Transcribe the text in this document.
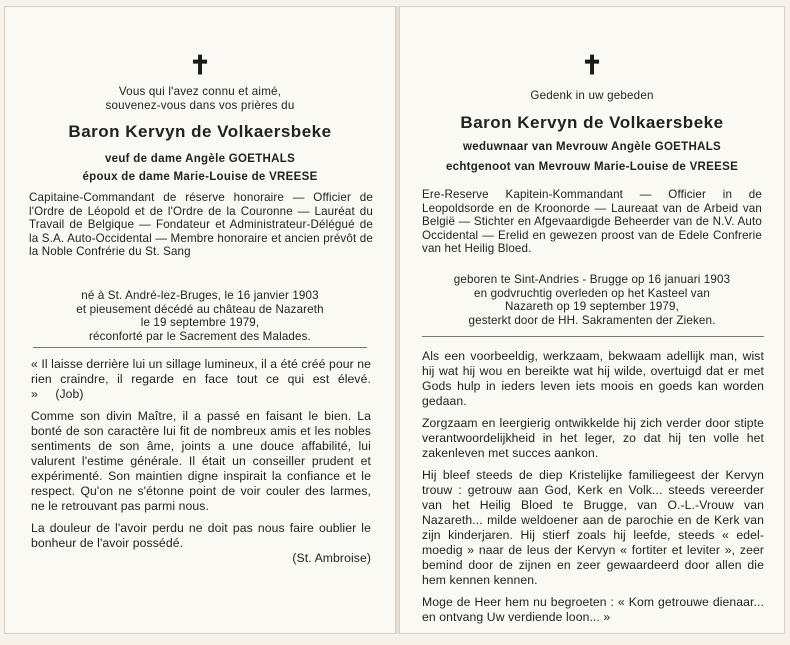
✝
Vous qui l'avez connu et aimé,
souvenez-vous dans vos prières du
Baron Kervyn de Volkaersbeke
veuf de dame Angèle GOETHALS
époux de dame Marie-Louise de VREESE
Capitaine-Commandant de réserve honoraire — Officier de l'Ordre de Léopold et de l'Ordre de la Couronne — Lauréat du Travail de Belgique — Fondateur et Administrateur-Délégué de la S.A. Auto-Occidental — Membre honoraire et ancien prévôt de la Noble Confrérie du St. Sang
né à St. André-lez-Bruges, le 16 janvier 1903
et pieusement décédé au château de Nazareth
le 19 septembre 1979,
réconforté par le Sacrement des Malades.

« Il laisse derrière lui un sillage lumineux, il a été créé pour ne rien craindre, il regarde en face tout ce qui est élevé. » (Job)

Comme son divin Maître, il a passé en faisant le bien. La bonté de son caractère lui fit de nombreux amis et les nobles sentiments de son âme, joints a une douce affabilité, lui valurent l'estime générale. Il était un conseiller prudent et expérimenté. Son maintien digne inspirait la confiance et le respect. Qu'on ne s'étonne point de voir couler des larmes, ne le retrouvant pas parmi nous.

La douleur de l'avoir perdu ne doit pas nous faire oublier le bonheur de l'avoir possédé.

(St. Ambroise)

✝
Gedenk in uw gebeden
Baron Kervyn de Volkaersbeke
weduwnaar van Mevrouw Angèle GOETHALS
echtgenoot van Mevrouw Marie-Louise de VREESE
Ere-Reserve Kapitein-Kommandant — Officier in de Leopoldsorde en de Kroonorde — Laureaat van de Arbeid van België — Stichter en Afgevaardigde Beheerder van de N.V. Auto Occidental — Erelid en gewezen proost van de Edele Confrerie van het Heilig Bloed.
geboren te Sint-Andries - Brugge op 16 januari 1903
en godvruchtig overleden op het Kasteel van
Nazareth op 19 september 1979,
gesterkt door de HH. Sakramenten der Zieken.

Als een voorbeeldig, werkzaam, bekwaam adellijk man, wist hij wat hij wou en bereikte wat hij wilde, overtuigd dat er met Gods hulp in ieders leven iets moois en goeds kan worden gedaan.

Zorgzaam en leergierig ontwikkelde hij zich verder door stipte verantwoordelijkheid in het leger, zo dat hij ten volle het zakenleven met succes aankon.

Hij bleef steeds de diep Kristelijke familiegeest der Kervyn trouw : getrouw aan God, Kerk en Volk... steeds vereerder van het Heilig Bloed te Brugge, van O.-L.-Vrouw van Nazareth... milde weldoener aan de parochie en de Kerk van zijn kinderjaren. Hij stierf zoals hij leefde, steeds « edel-moedig » naar de leus der Kervyn « fortiter et leviter », zeer bemind door de zijnen en zeer gewaardeerd door allen die hem kennen kennen.

Moge de Heer hem nu begroeten : « Kom getrouwe dienaar... en ontvang Uw verdiende loon... »
